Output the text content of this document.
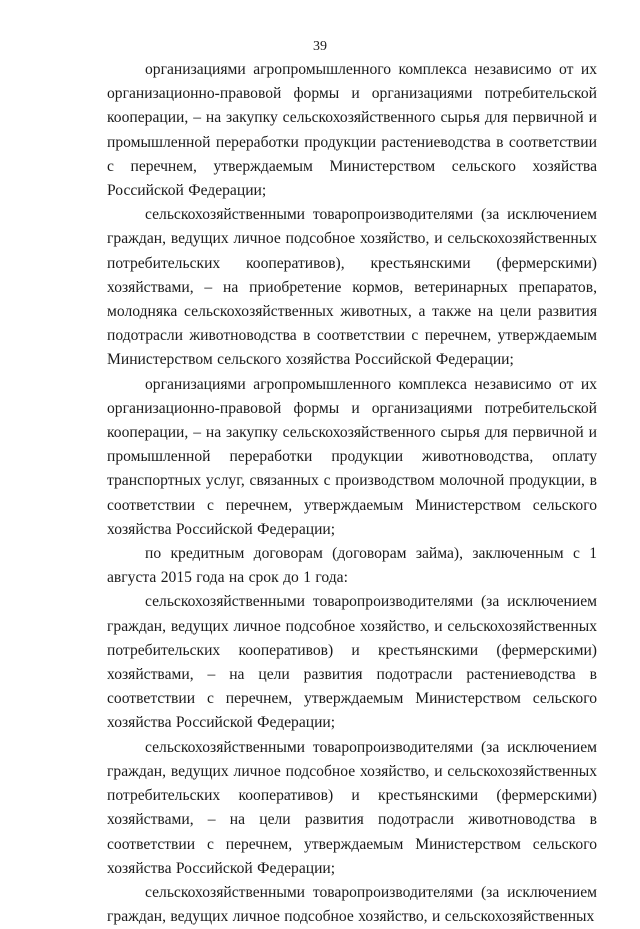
39

организациями агропромышленного комплекса независимо от их организационно-правовой формы и организациями потребительской кооперации, – на закупку сельскохозяйственного сырья для первичной и промышленной переработки продукции растениеводства в соответствии с перечнем, утверждаемым Министерством сельского хозяйства Российской Федерации;

сельскохозяйственными товаропроизводителями (за исключением граждан, ведущих личное подсобное хозяйство, и сельскохозяйственных потребительских кооперативов), крестьянскими (фермерскими) хозяйствами, – на приобретение кормов, ветеринарных препаратов, молодняка сельскохозяйственных животных, а также на цели развития подотрасли животноводства в соответствии с перечнем, утверждаемым Министерством сельского хозяйства Российской Федерации;

организациями агропромышленного комплекса независимо от их организационно-правовой формы и организациями потребительской кооперации, – на закупку сельскохозяйственного сырья для первичной и промышленной переработки продукции животноводства, оплату транспортных услуг, связанных с производством молочной продукции, в соответствии с перечнем, утверждаемым Министерством сельского хозяйства Российской Федерации;

по кредитным договорам (договорам займа), заключенным с 1 августа 2015 года на срок до 1 года:

сельскохозяйственными товаропроизводителями (за исключением граждан, ведущих личное подсобное хозяйство, и сельскохозяйственных потребительских кооперативов) и крестьянскими (фермерскими) хозяйствами, – на цели развития подотрасли растениеводства в соответствии с перечнем, утверждаемым Министерством сельского хозяйства Российской Федерации;

сельскохозяйственными товаропроизводителями (за исключением граждан, ведущих личное подсобное хозяйство, и сельскохозяйственных потребительских кооперативов) и крестьянскими (фермерскими) хозяйствами, – на цели развития подотрасли животноводства в соответствии с перечнем, утверждаемым Министерством сельского хозяйства Российской Федерации;

сельскохозяйственными товаропроизводителями (за исключением граждан, ведущих личное подсобное хозяйство, и сельскохозяйственных
